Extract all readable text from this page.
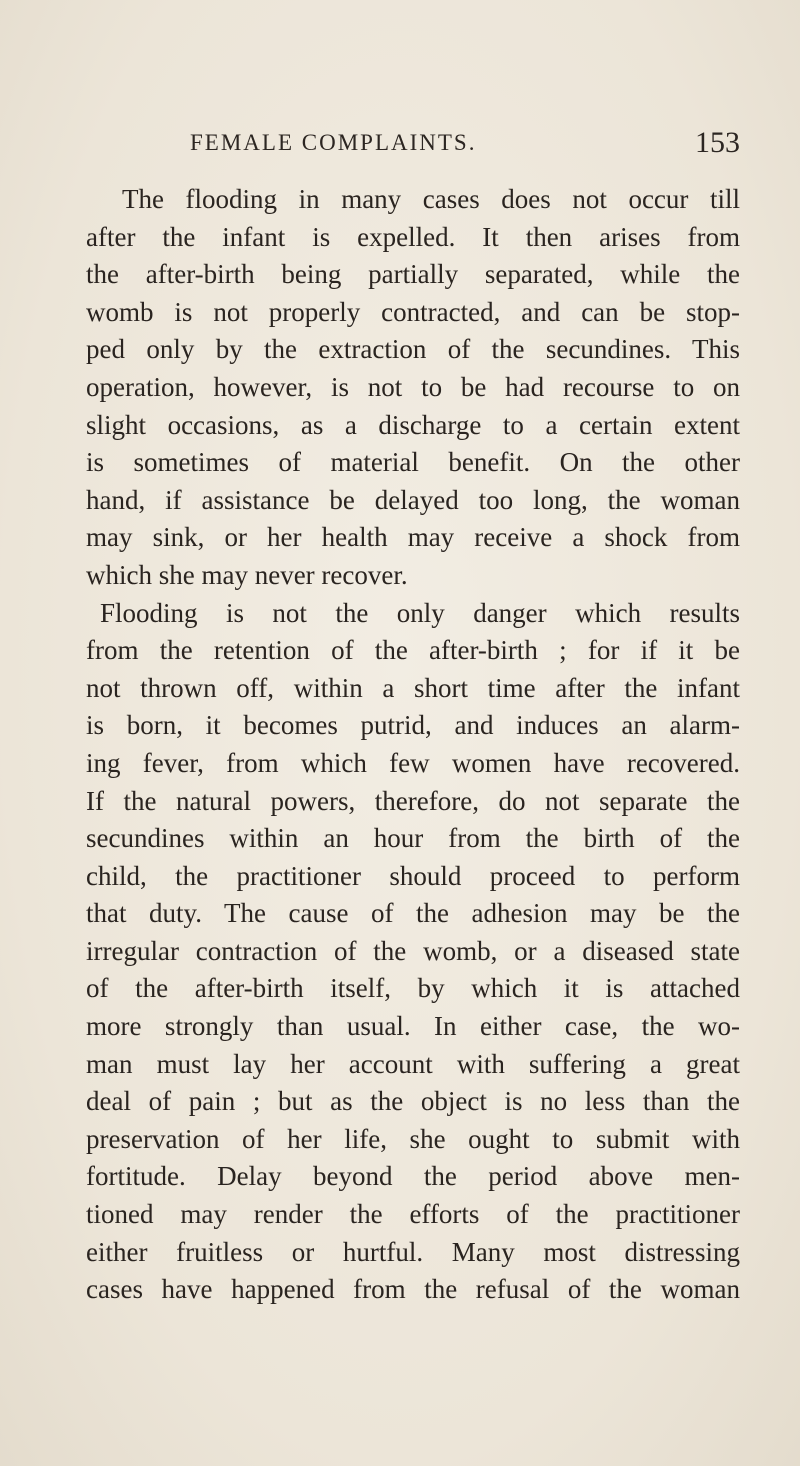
FEMALE COMPLAINTS.	153
The flooding in many cases does not occur till
after the infant is expelled. It then arises from
the after-birth being partially separated, while the
womb is not properly contracted, and can be stop-
ped only by the extraction of the secundines. This
operation, however, is not to be had recourse to on
slight occasions, as a discharge to a certain extent
is sometimes of material benefit. On the other
hand, if assistance be delayed too long, the woman
may sink, or her health may receive a shock from
which she may never recover.
Flooding is not the only danger which results
from the retention of the after-birth ; for if it be
not thrown off, within a short time after the infant
is born, it becomes putrid, and induces an alarm-
ing fever, from which few women have recovered.
If the natural powers, therefore, do not separate the
secundines within an hour from the birth of the
child, the practitioner should proceed to perform
that duty. The cause of the adhesion may be the
irregular contraction of the womb, or a diseased state
of the after-birth itself, by which it is attached
more strongly than usual. In either case, the wo-
man must lay her account with suffering a great
deal of pain ; but as the object is no less than the
preservation of her life, she ought to submit with
fortitude. Delay beyond the period above men-
tioned may render the efforts of the practitioner
either fruitless or hurtful. Many most distressing
cases have happened from the refusal of the woman
